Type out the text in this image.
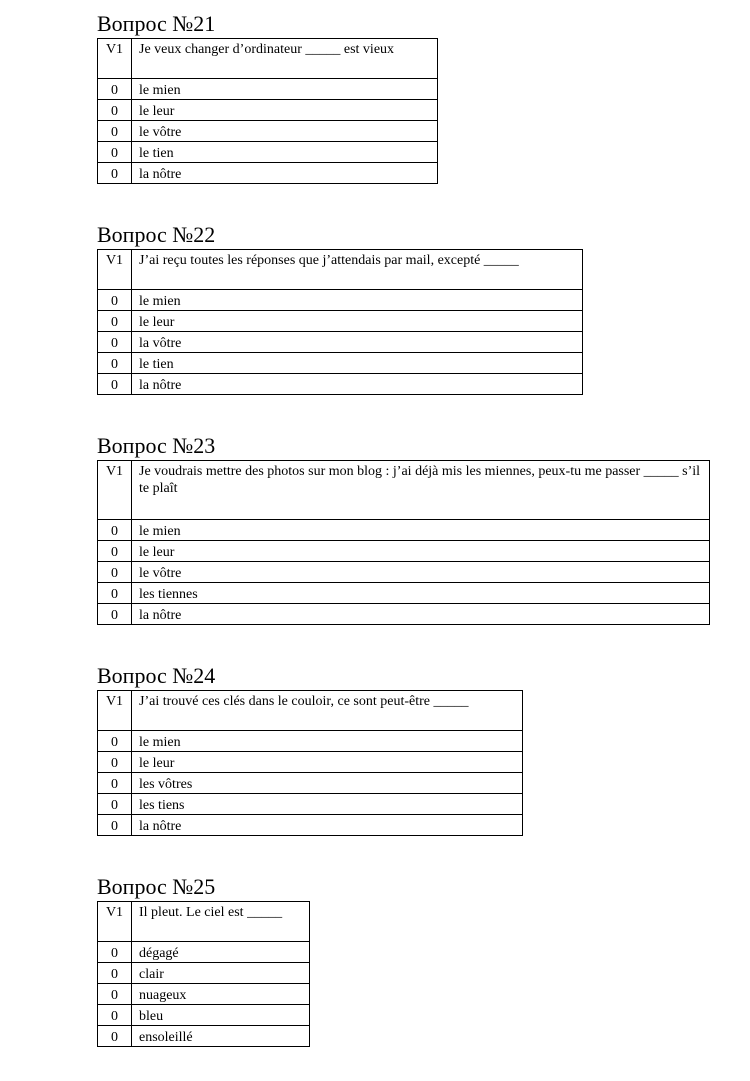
Вопрос №21
V1	Je veux changer d’ordinateur _____ est vieux
0	le mien
0	le leur
0	le vôtre
0	le tien
0	la nôtre
Вопрос №22
V1	J’ai reçu toutes les réponses que j’attendais par mail, excepté _____
0	le mien
0	le leur
0	la vôtre
0	le tien
0	la nôtre
Вопрос №23
V1	Je voudrais mettre des photos sur mon blog : j’ai déjà mis les miennes, peux-tu me passer _____ s’il te plaît
0	le mien
0	le leur
0	le vôtre
0	les tiennes
0	la nôtre
Вопрос №24
V1	J’ai trouvé ces clés dans le couloir, ce sont peut-être _____
0	le mien
0	le leur
0	les vôtres
0	les tiens
0	la nôtre
Вопрос №25
V1	Il pleut. Le ciel est _____
0	dégagé
0	clair
0	nuageux
0	bleu
0	ensoleillé
